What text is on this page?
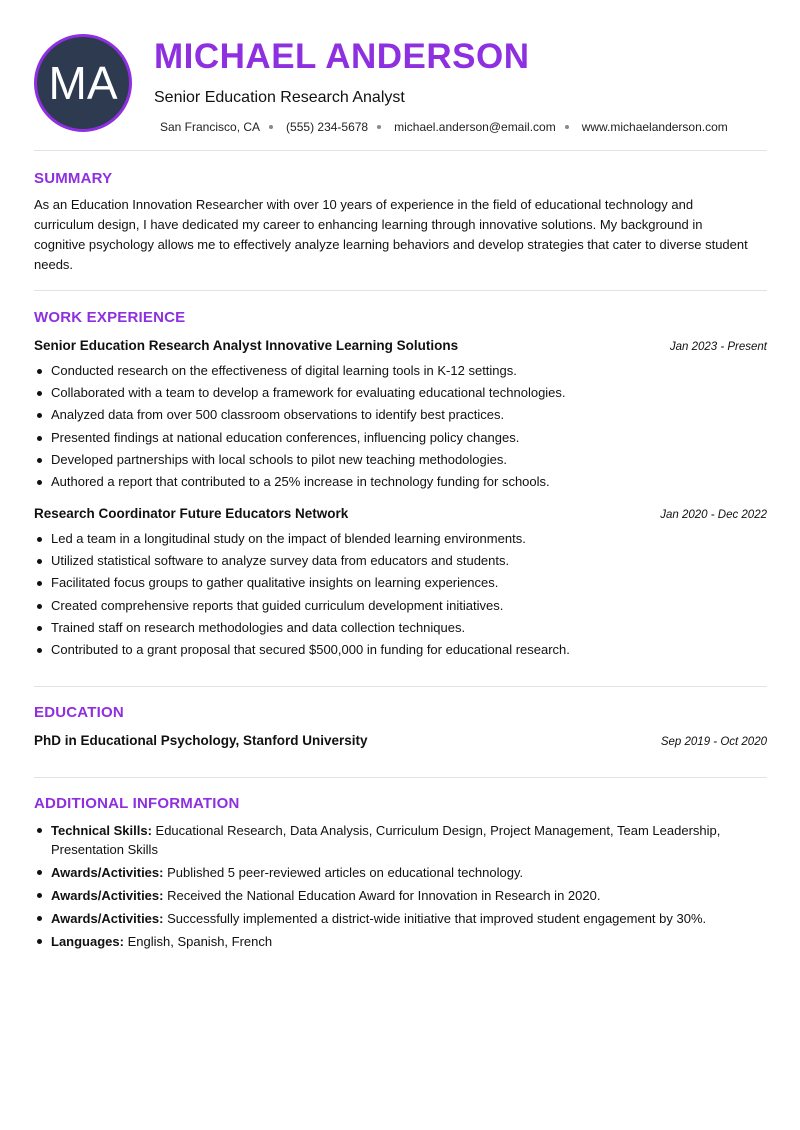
MA
MICHAEL ANDERSON
Senior Education Research Analyst
San Francisco, CA (555) 234-5678 michael.anderson@email.com www.michaelanderson.com
SUMMARY
As an Education Innovation Researcher with over 10 years of experience in the field of educational technology and curriculum design, I have dedicated my career to enhancing learning through innovative solutions. My background in cognitive psychology allows me to effectively analyze learning behaviors and develop strategies that cater to diverse student needs.
WORK EXPERIENCE
Senior Education Research Analyst Innovative Learning Solutions	Jan 2023 - Present
Conducted research on the effectiveness of digital learning tools in K-12 settings.
Collaborated with a team to develop a framework for evaluating educational technologies.
Analyzed data from over 500 classroom observations to identify best practices.
Presented findings at national education conferences, influencing policy changes.
Developed partnerships with local schools to pilot new teaching methodologies.
Authored a report that contributed to a 25% increase in technology funding for schools.
Research Coordinator Future Educators Network	Jan 2020 - Dec 2022
Led a team in a longitudinal study on the impact of blended learning environments.
Utilized statistical software to analyze survey data from educators and students.
Facilitated focus groups to gather qualitative insights on learning experiences.
Created comprehensive reports that guided curriculum development initiatives.
Trained staff on research methodologies and data collection techniques.
Contributed to a grant proposal that secured $500,000 in funding for educational research.
EDUCATION
PhD in Educational Psychology, Stanford University	Sep 2019 - Oct 2020
ADDITIONAL INFORMATION
Technical Skills: Educational Research, Data Analysis, Curriculum Design, Project Management, Team Leadership, Presentation Skills
Awards/Activities: Published 5 peer-reviewed articles on educational technology.
Awards/Activities: Received the National Education Award for Innovation in Research in 2020.
Awards/Activities: Successfully implemented a district-wide initiative that improved student engagement by 30%.
Languages: English, Spanish, French
